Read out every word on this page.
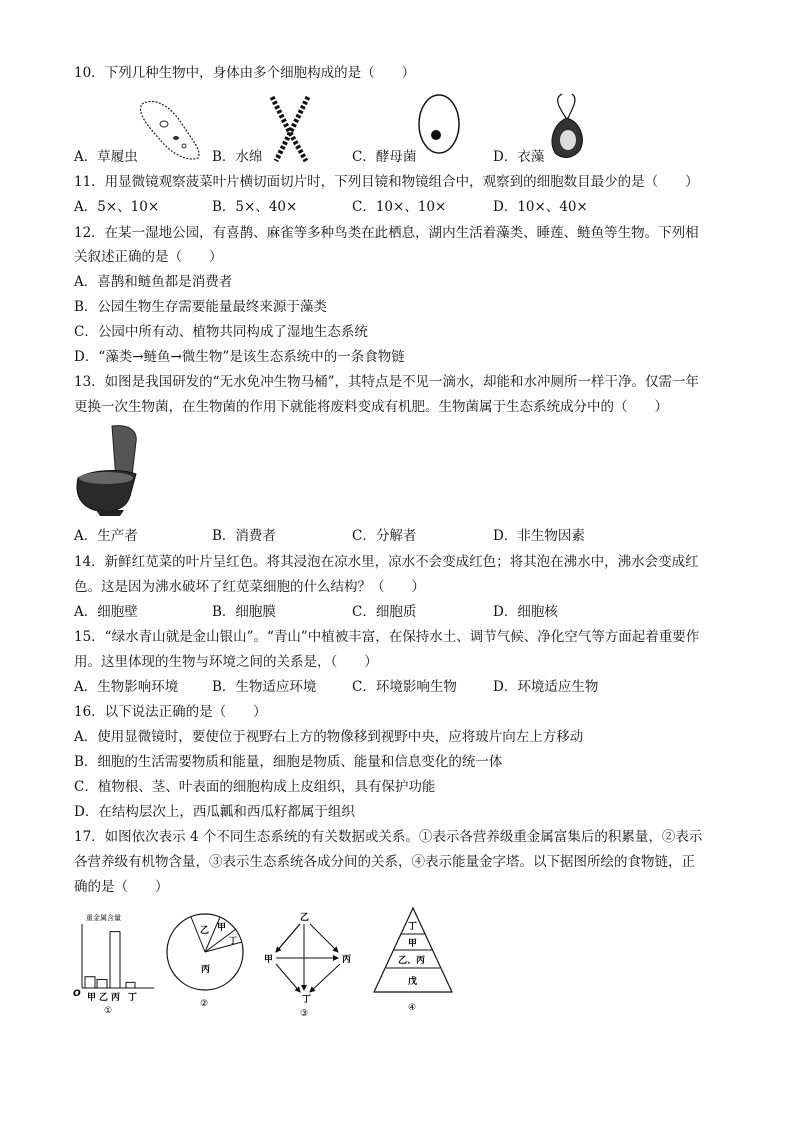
10．下列几种生物中，身体由多个细胞构成的是（　　）
A．草履虫	B．水绵	C．酵母菌	D．衣藻
11．用显微镜观察菠菜叶片横切面切片时，下列目镜和物镜组合中，观察到的细胞数目最少的是（　　）
A．5×、10×	B．5×、40×	C．10×、10×	D．10×、40×
12．在某一湿地公园，有喜鹊、麻雀等多种鸟类在此栖息，湖内生活着藻类、睡莲、鲢鱼等生物。下列相
关叙述正确的是（　　）
A．喜鹊和鲢鱼都是消费者
B．公园生物生存需要能量最终来源于藻类
C．公园中所有动、植物共同构成了湿地生态系统
D．“藻类→鲢鱼→微生物”是该生态系统中的一条食物链
13．如图是我国研发的“无水免冲生物马桶”，其特点是不见一滴水，却能和水冲厕所一样干净。仅需一年
更换一次生物菌，在生物菌的作用下就能将废料变成有机肥。生物菌属于生态系统成分中的（　　）
A．生产者	B．消费者	C．分解者	D．非生物因素
14．新鲜红苋菜的叶片呈红色。将其浸泡在凉水里，凉水不会变成红色；将其泡在沸水中，沸水会变成红
色。这是因为沸水破坏了红苋菜细胞的什么结构？（　　）
A．细胞壁	B．细胞膜	C．细胞质	D．细胞核
15．“绿水青山就是金山银山”。“青山”中植被丰富，在保持水土、调节气候、净化空气等方面起着重要作
用。这里体现的生物与环境之间的关系是，（　　）
A．生物影响环境	B．生物适应环境	C．环境影响生物	D．环境适应生物
16．以下说法正确的是（　　）
A．使用显微镜时，要使位于视野右上方的物像移到视野中央，应将玻片向左上方移动
B．细胞的生活需要物质和能量，细胞是物质、能量和信息变化的统一体
C．植物根、茎、叶表面的细胞构成上皮组织，具有保护功能
D．在结构层次上，西瓜瓤和西瓜籽都属于组织
17．如图依次表示 4 个不同生态系统的有关数据或关系。①表示各营养级重金属富集后的积累量，②表示
各营养级有机物含量，③表示生态系统各成分间的关系，④表示能量金字塔。以下据图所绘的食物链，正
确的是（　　）
重金属含量
O 甲 乙 丙 丁
①
乙 甲
丁
丙
②
乙
甲	丙
丁
③
丁
甲
乙、丙
戊
④
